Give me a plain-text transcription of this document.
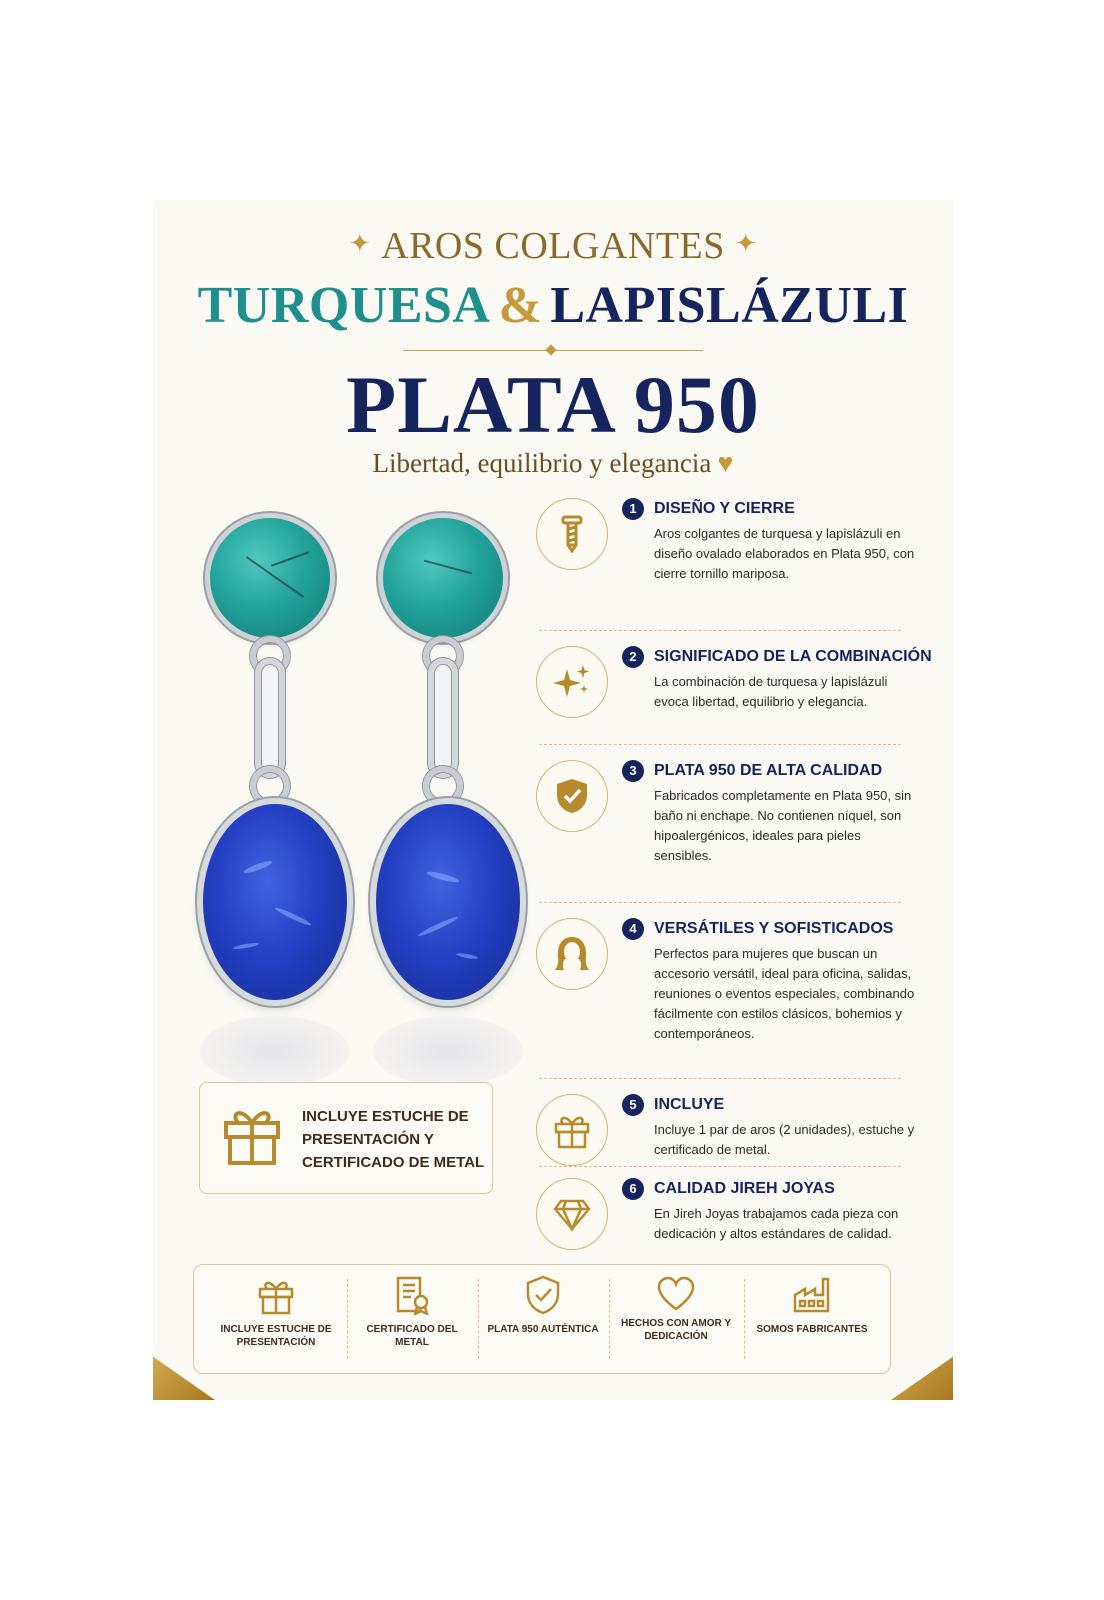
✦ AROS COLGANTES ✦
TURQUESA & LAPISLÁZULI
PLATA 950
Libertad, equilibrio y elegancia ♥
INCLUYE ESTUCHE DE PRESENTACIÓN Y CERTIFICADO DE METAL
1	DISEÑO Y CIERRE
Aros colgantes de turquesa y lapislázuli en diseño ovalado elaborados en Plata 950, con cierre tornillo mariposa.
2	SIGNIFICADO DE LA COMBINACIÓN
La combinación de turquesa y lapislázuli evoca libertad, equilibrio y elegancia.
3	PLATA 950 DE ALTA CALIDAD
Fabricados completamente en Plata 950, sin baño ni enchape. No contienen níquel, son hipoalergénicos, ideales para pieles sensibles.
4	VERSÁTILES Y SOFISTICADOS
Perfectos para mujeres que buscan un accesorio versátil, ideal para oficina, salidas, reuniones o eventos especiales, combinando fácilmente con estilos clásicos, bohemios y contemporáneos.
5	INCLUYE
Incluye 1 par de aros (2 unidades), estuche y certificado de metal.
6	CALIDAD JIREH JOYAS
En Jireh Joyas trabajamos cada pieza con dedicación y altos estándares de calidad.
INCLUYE ESTUCHE DE PRESENTACIÓN
CERTIFICADO DEL METAL
PLATA 950 AUTÉNTICA
HECHOS CON AMOR Y DEDICACIÓN
SOMOS FABRICANTES
